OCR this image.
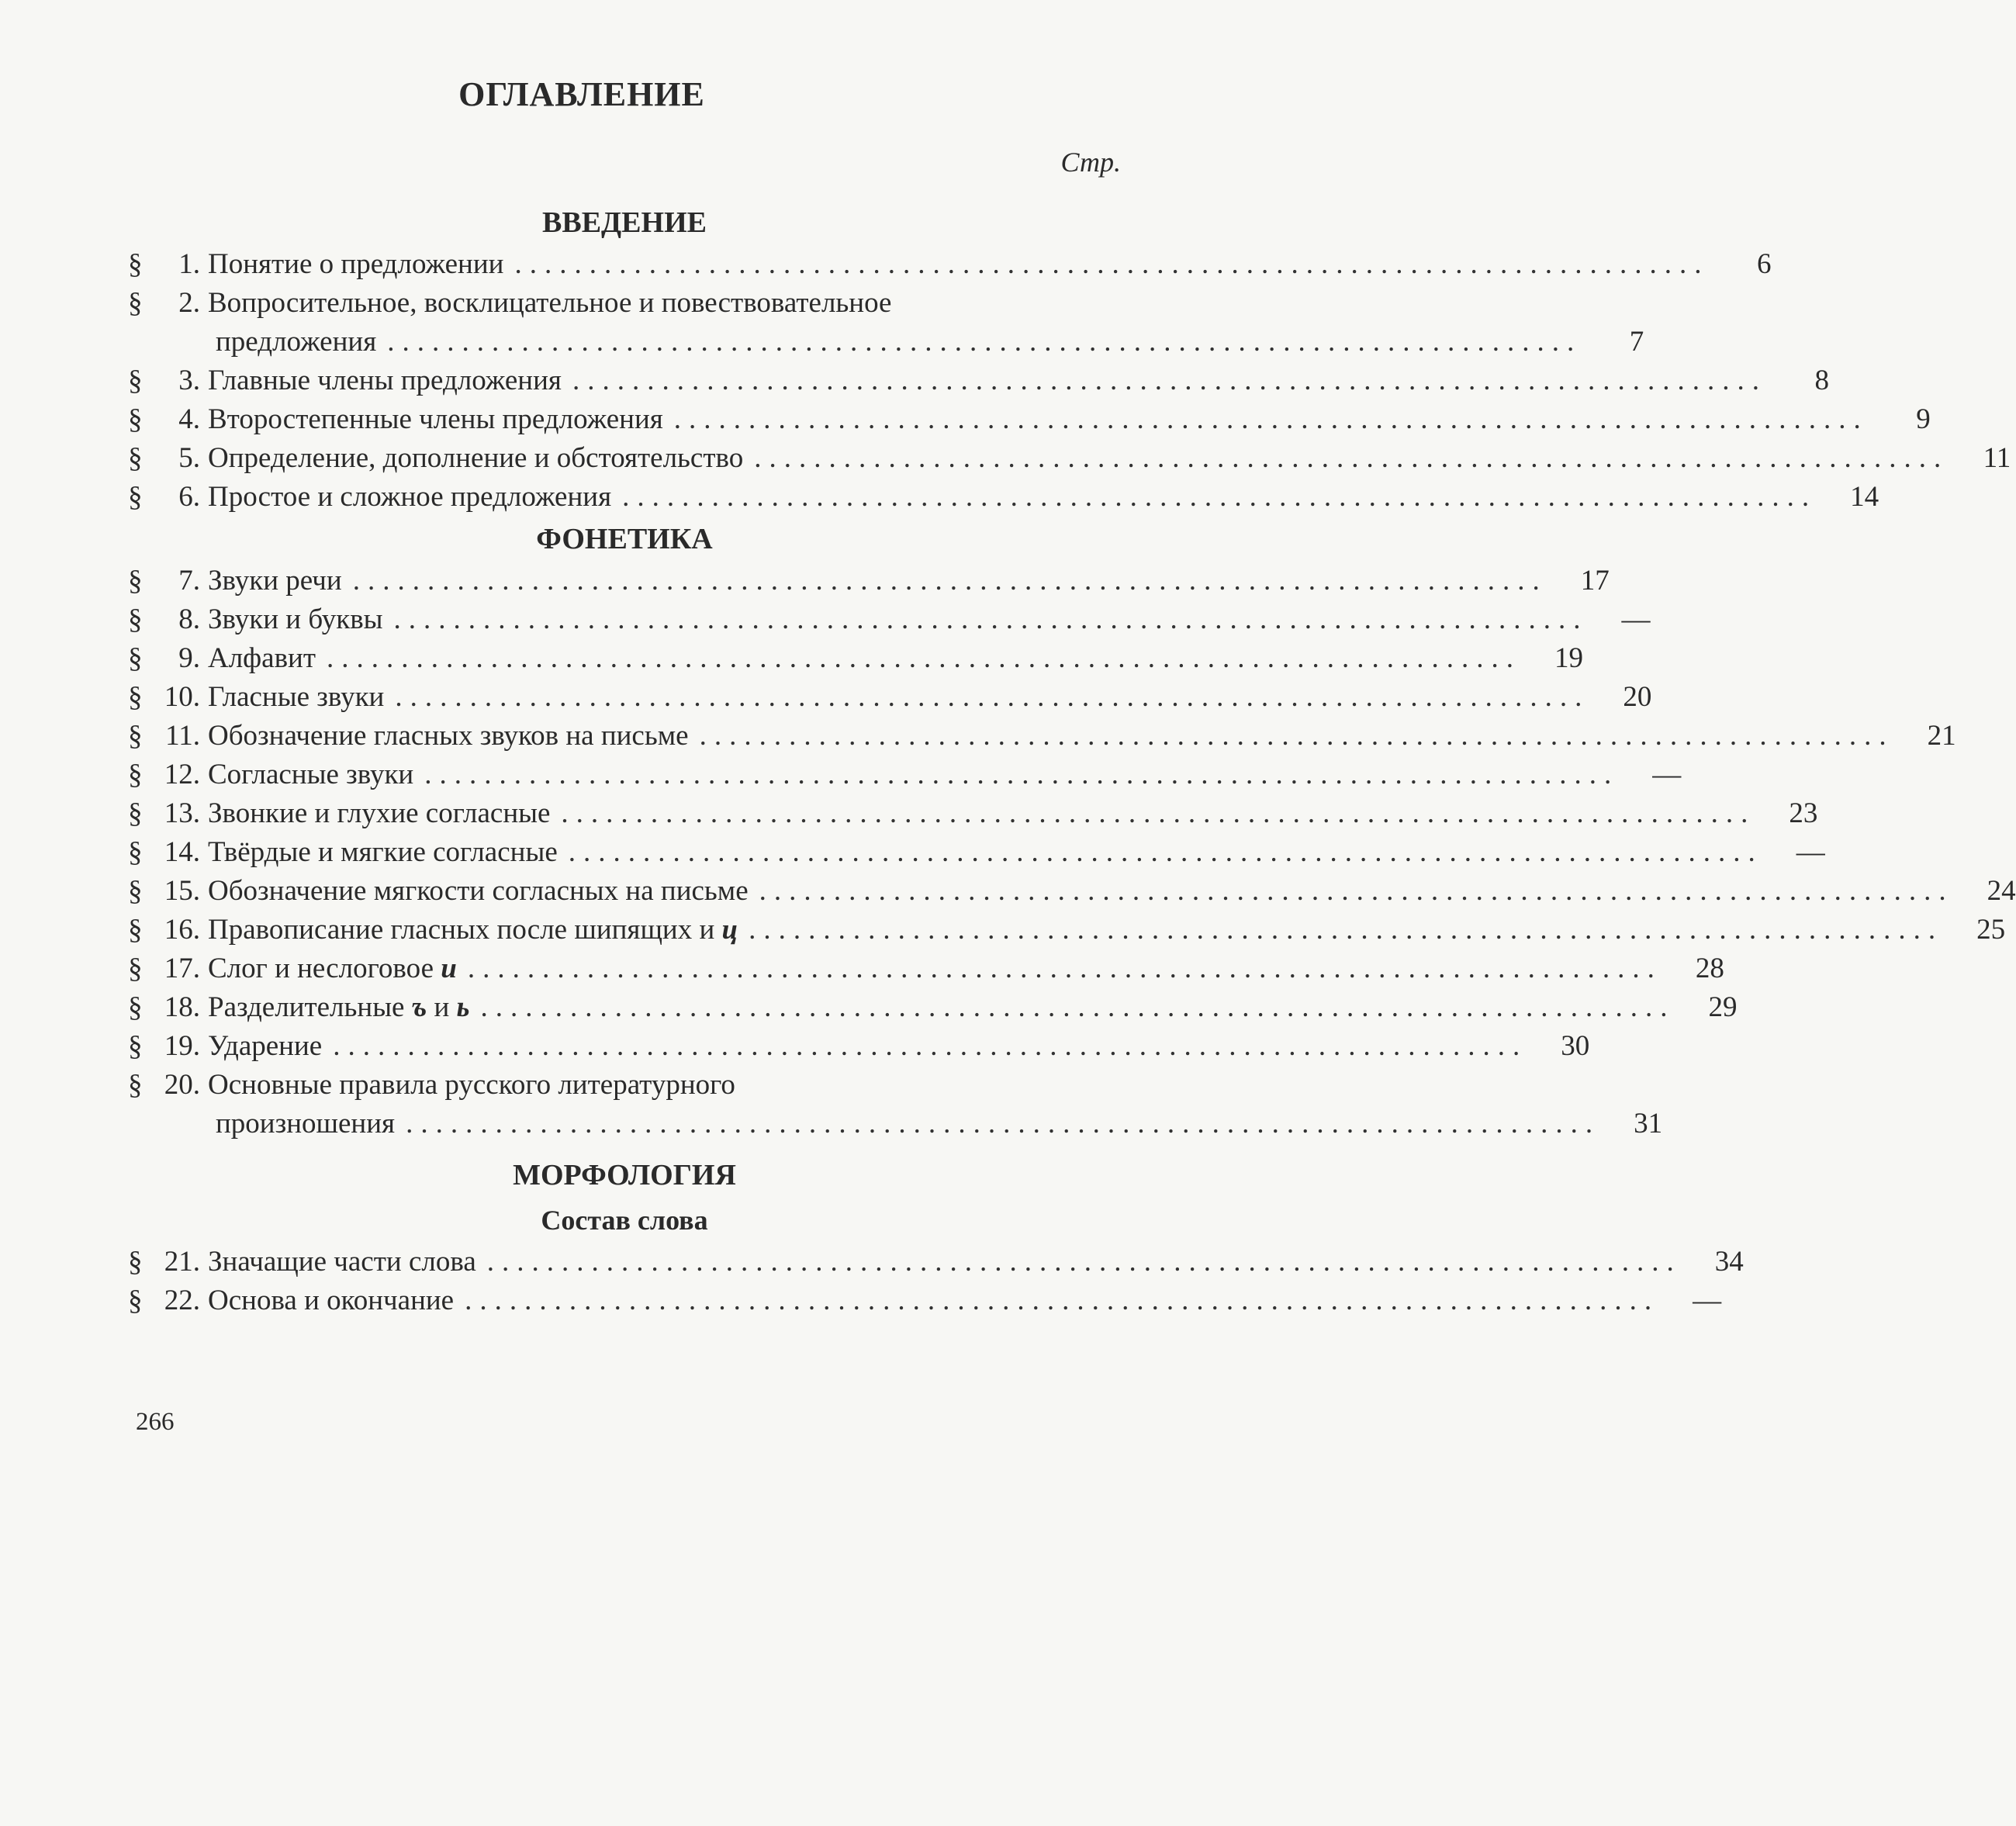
ОГЛАВЛЕНИЕ
Стр.
ВВЕДЕНИЕ
§	1. Понятие о предложении ................................................................................	6
§	2. Вопросительное, восклицательное и повествовательное
предложения ................................................................................	7
§	3. Главные члены предложения ................................................................................	8
§	4. Второстепенные члены предложения ................................................................................	9
§	5. Определение, дополнение и обстоятельство ................................................................................	11
§	6. Простое и сложное предложения ................................................................................	14
ФОНЕТИКА
§	7. Звуки речи ................................................................................	17
§	8. Звуки и буквы ................................................................................	—
§	9. Алфавит ................................................................................	19
§ 10. Гласные звуки ................................................................................	20
§ 11. Обозначение гласных звуков на письме ................................................................................	21
§ 12. Согласные звуки ................................................................................	—
§ 13. Звонкие и глухие согласные ................................................................................	23
§ 14. Твёрдые и мягкие согласные ................................................................................	—
§ 15. Обозначение мягкости согласных на письме ................................................................................	24
§ 16. Правописание гласных после шипящих и ц ................................................................................	25
§ 17. Слог и неслоговое и ................................................................................	28
§ 18. Разделительные ъ и ь ................................................................................	29
§ 19. Ударение ................................................................................	30
§ 20. Основные правила русского литературного
произношения ................................................................................	31
МОРФОЛОГИЯ
Состав слова
§ 21. Значащие части слова ................................................................................	34
§ 22. Основа и окончание ................................................................................	—
266
